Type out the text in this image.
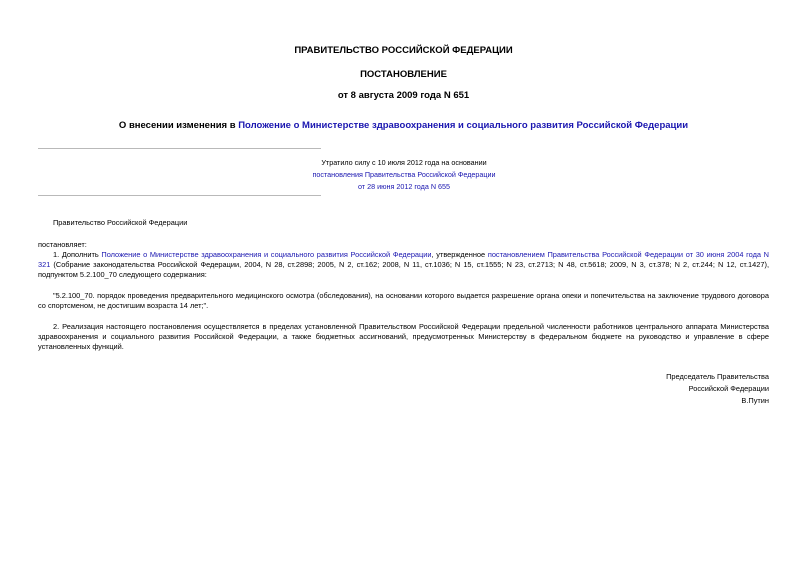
ПРАВИТЕЛЬСТВО РОССИЙСКОЙ ФЕДЕРАЦИИ
ПОСТАНОВЛЕНИЕ
от 8 августа 2009 года N 651
О внесении изменения в Положение о Министерстве здравоохранения и социального развития Российской Федерации
Утратило силу с 10 июля 2012 года на основании
постановления Правительства Российской Федерации
от 28 июня 2012 года N 655
Правительство Российской Федерации
постановляет:
1. Дополнить Положение о Министерстве здравоохранения и социального развития Российской Федерации, утвержденное постановлением Правительства Российской Федерации от 30 июня 2004 года N 321 (Собрание законодательства Российской Федерации, 2004, N 28, ст.2898; 2005, N 2, ст.162; 2008, N 11, ст.1036; N 15, ст.1555; N 23, ст.2713; N 48, ст.5618; 2009, N 3, ст.378; N 2, ст.244; N 12, ст.1427), подпунктом 5.2.100_70 следующего содержания:
"5.2.100_70. порядок проведения предварительного медицинского осмотра (обследования), на основании которого выдается разрешение органа опеки и попечительства на заключение трудового договора со спортсменом, не достигшим возраста 14 лет;".
2. Реализация настоящего постановления осуществляется в пределах установленной Правительством Российской Федерации предельной численности работников центрального аппарата Министерства здравоохранения и социального развития Российской Федерации, а также бюджетных ассигнований, предусмотренных Министерству в федеральном бюджете на руководство и управление в сфере установленных функций.
Председатель Правительства
Российской Федерации
В.Путин
